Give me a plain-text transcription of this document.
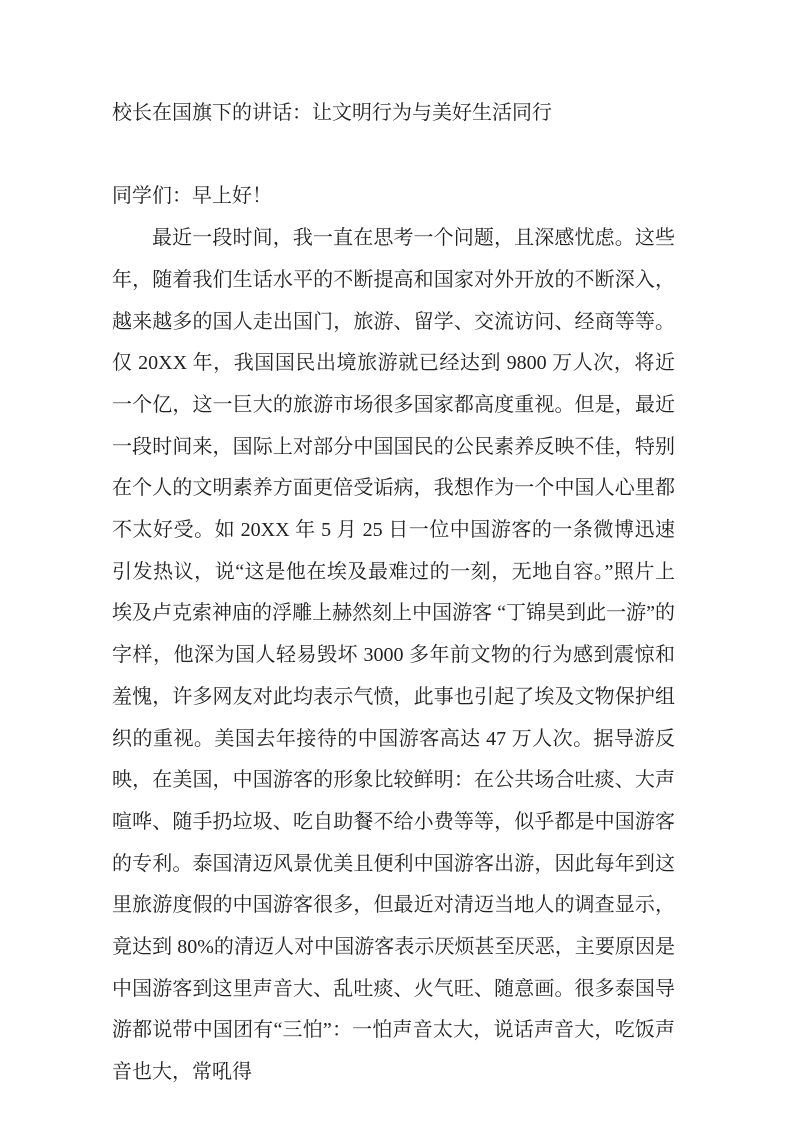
校长在国旗下的讲话：让文明行为与美好生活同行

同学们：早上好！

最近一段时间，我一直在思考一个问题，且深感忧虑。这些年，随着我们生话水平的不断提高和国家对外开放的不断深入，越来越多的国人走出国门，旅游、留学、交流访问、经商等等。仅 20XX 年，我国国民出境旅游就已经达到 9800 万人次，将近一个亿，这一巨大的旅游市场很多国家都高度重视。但是，最近一段时间来，国际上对部分中国国民的公民素养反映不佳，特别在个人的文明素养方面更倍受诟病，我想作为一个中国人心里都不太好受。如 20XX 年 5 月 25 日一位中国游客的一条微博迅速引发热议，说“这是他在埃及最难过的一刻，无地自容。”照片上埃及卢克索神庙的浮雕上赫然刻上中国游客 “丁锦昊到此一游”的字样，他深为国人轻易毁坏 3000 多年前文物的行为感到震惊和羞愧，许多网友对此均表示气愤，此事也引起了埃及文物保护组织的重视。美国去年接待的中国游客高达 47 万人次。据导游反映，在美国，中国游客的形象比较鲜明：在公共场合吐痰、大声喧哗、随手扔垃圾、吃自助餐不给小费等等，似乎都是中国游客的专利。泰国清迈风景优美且便利中国游客出游，因此每年到这里旅游度假的中国游客很多，但最近对清迈当地人的调查显示，竟达到 80%的清迈人对中国游客表示厌烦甚至厌恶，主要原因是中国游客到这里声音大、乱吐痰、火气旺、随意画。很多泰国导游都说带中国团有“三怕”：一怕声音太大，说话声音大，吃饭声音也大，常吼得
